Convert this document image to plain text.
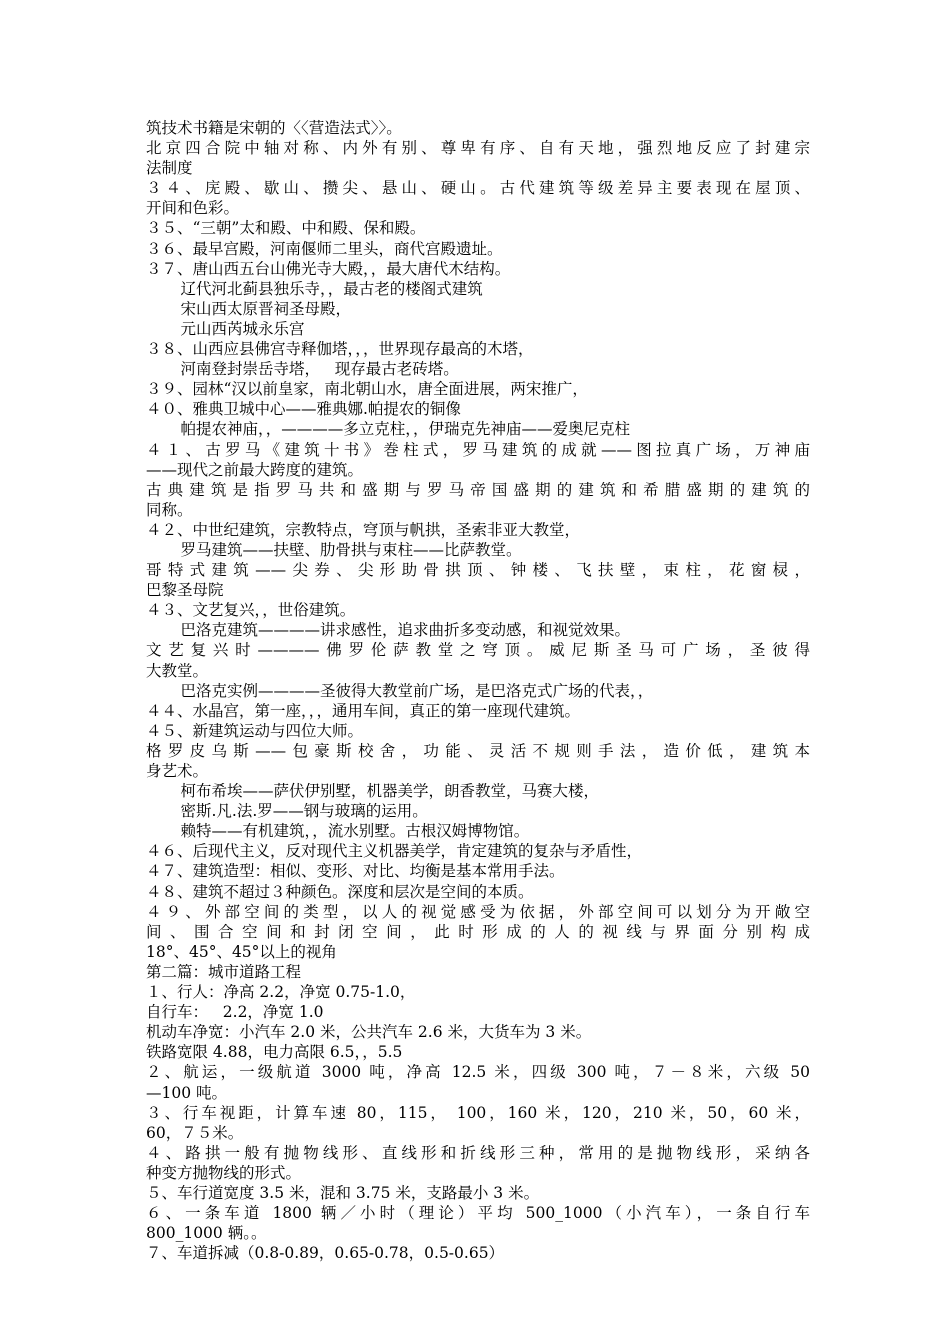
筑技术书籍是宋朝的〈〈营造法式〉〉。
北京四合院中轴对称、内外有别、尊卑有序、自有天地，强烈地反应了封建宗
法制度
３４、庑殿、歇山、攒尖、悬山、硬山。古代建筑等级差异主要表现在屋顶、
开间和色彩。
３５、“三朝”太和殿、中和殿、保和殿。
３６、最早宫殿，河南偃师二里头，商代宫殿遗址。
３７、唐山西五台山佛光寺大殿，，最大唐代木结构。
辽代河北蓟县独乐寺，，最古老的楼阁式建筑
宋山西太原晋祠圣母殿，
元山西芮城永乐宫
３８、山西应县佛宫寺释伽塔，，，世界现存最高的木塔，
河南登封崇岳寺塔，   现存最古老砖塔。
３９、园林“汉以前皇家，南北朝山水，唐全面进展，两宋推广，
４０、雅典卫城中心——雅典娜.帕提农的铜像
帕提农神庙，，————多立克柱，，伊瑞克先神庙——爱奥尼克柱
４１、古罗马《建筑十书》巻柱式，罗马建筑的成就——图拉真广场，万神庙
——现代之前最大跨度的建筑。
古典建筑是指罗马共和盛期与罗马帝国盛期的建筑和希腊盛期的建筑的
同称。
４２、中世纪建筑，宗教特点，穹顶与帆拱，圣索非亚大教堂，
罗马建筑——扶壁、肋骨拱与束柱——比萨教堂。
哥特式建筑——尖券、尖形助骨拱顶、钟楼、飞扶壁，束柱，花窗棂，
巴黎圣母院
４３、文艺复兴，，世俗建筑。
巴洛克建筑————讲求感性，追求曲折多变动感，和视觉效果。
文艺复兴时————佛罗伦萨教堂之穹顶。威尼斯圣马可广场，圣彼得
大教堂。
巴洛克实例————圣彼得大教堂前广场，是巴洛克式广场的代表，，
４４、水晶宫，第一座，，，通用车间，真正的第一座现代建筑。
４５、新建筑运动与四位大师。
格罗皮乌斯——包豪斯校舍，功能、灵活不规则手法，造价低，建筑本
身艺术。
柯布希埃——萨伏伊别墅，机器美学，朗香教堂，马赛大楼，
密斯.凡.法.罗——钢与玻璃的运用。
赖特——有机建筑，，流水别墅。古根汉姆博物馆。
４６、后现代主义，反对现代主义机器美学，肯定建筑的复杂与矛盾性，
４７、建筑造型：相似、变形、对比、均衡是基本常用手法。
４８、建筑不超过３种颜色。深度和层次是空间的本质。
４９、外部空间的类型，以人的视觉感受为依据，外部空间可以划分为开敞空
间、围合空间和封闭空间，此时形成的人的视线与界面分别构成
18°、45°、45°以上的视角
第二篇：城市道路工程
１、行人：净高 2.2，净宽 0.75-1.0，
自行车：   2.2，净宽 1.0
机动车净宽：小汽车 2.0 米，公共汽车 2.6 米，大货车为 3 米。
铁路宽限 4.88，电力高限 6.5，，5.5
２、航运，一级航道 3000 吨，净高 12.5 米，四级 300 吨，７－８米，六级 50
—100 吨。
３、行车视距，计算车速 80，115， 100，160 米，120，210 米，50，60 米，
60，７５米。
４、路拱一般有抛物线形、直线形和折线形三种，常用的是抛物线形，采纳各
种变方抛物线的形式。
５、车行道宽度 3.5 米，混和 3.75 米，支路最小 3 米。
６、一条车道 1800 辆／小时（理论）平均 500_1000（小汽车），一条自行车
800_1000 辆。。
７、车道拆减（0.8-0.89，0.65-0.78，0.5-0.65）
